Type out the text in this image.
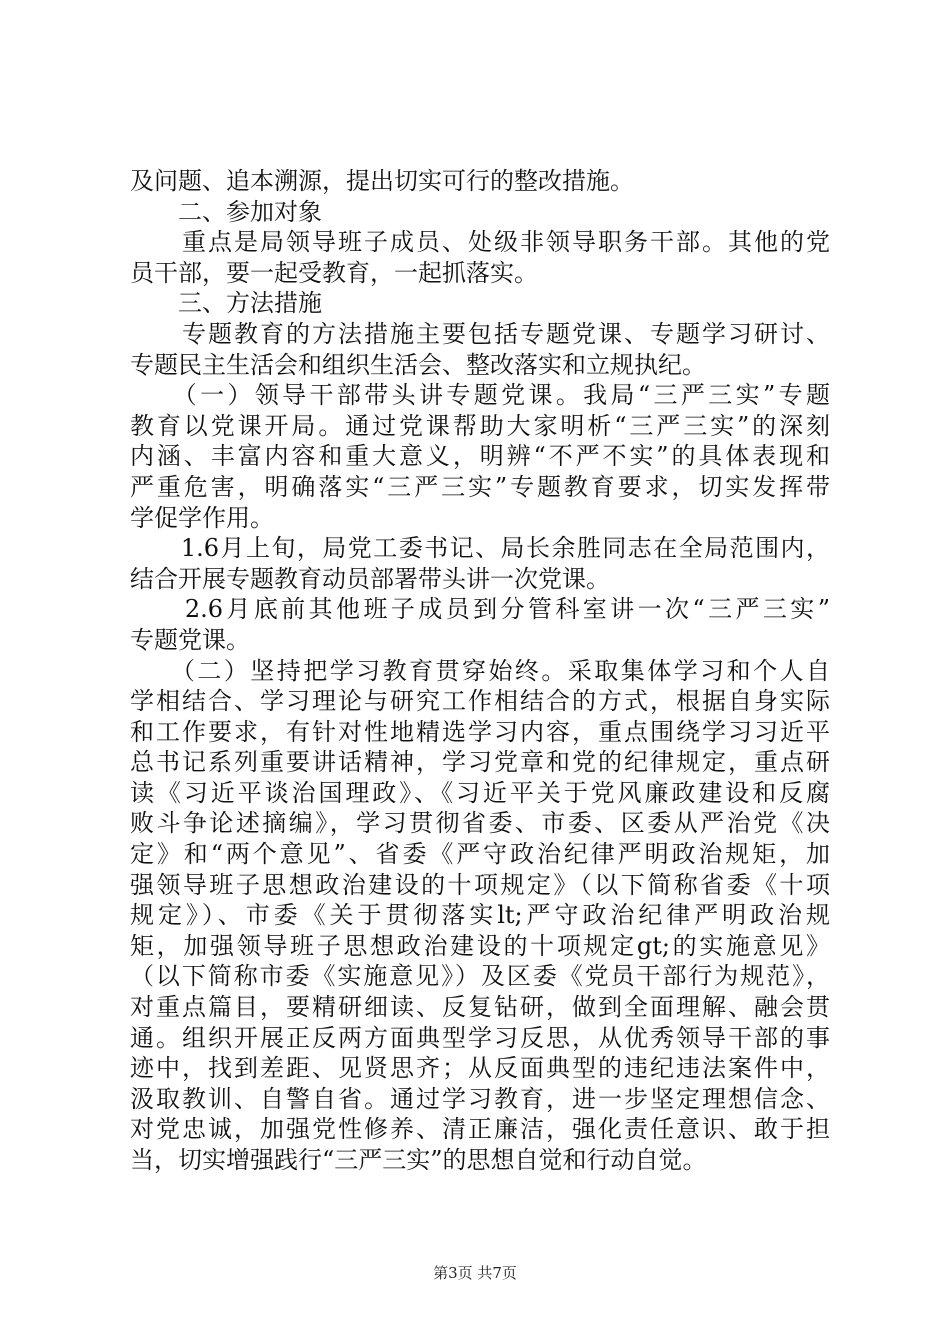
及问题、追本溯源，提出切实可行的整改措施。
　　二、参加对象
　　重点是局领导班子成员、处级非领导职务干部。其他的党
员干部，要一起受教育，一起抓落实。
　　三、方法措施
　　专题教育的方法措施主要包括专题党课、专题学习研讨、
专题民主生活会和组织生活会、整改落实和立规执纪。
　　（一）领导干部带头讲专题党课。我局“三严三实”专题
教育以党课开局。通过党课帮助大家明析“三严三实”的深刻
内涵、丰富内容和重大意义，明辨“不严不实”的具体表现和
严重危害，明确落实“三严三实”专题教育要求，切实发挥带
学促学作用。
　　1.6月上旬，局党工委书记、局长余胜同志在全局范围内，
结合开展专题教育动员部署带头讲一次党课。
　　2.6月底前其他班子成员到分管科室讲一次“三严三实”
专题党课。
　　（二）坚持把学习教育贯穿始终。采取集体学习和个人自
学相结合、学习理论与研究工作相结合的方式，根据自身实际
和工作要求，有针对性地精选学习内容，重点围绕学习习近平
总书记系列重要讲话精神，学习党章和党的纪律规定，重点研
读《习近平谈治国理政》、《习近平关于党风廉政建设和反腐
败斗争论述摘编》，学习贯彻省委、市委、区委从严治党《决
定》和“两个意见”、省委《严守政治纪律严明政治规矩，加
强领导班子思想政治建设的十项规定》（以下简称省委《十项
规定》）、市委《关于贯彻落实lt;严守政治纪律严明政治规
矩，加强领导班子思想政治建设的十项规定gt;的实施意见》
（以下简称市委《实施意见》）及区委《党员干部行为规范》，
对重点篇目，要精研细读、反复钻研，做到全面理解、融会贯
通。组织开展正反两方面典型学习反思，从优秀领导干部的事
迹中，找到差距、见贤思齐；从反面典型的违纪违法案件中，
汲取教训、自警自省。通过学习教育，进一步坚定理想信念、
对党忠诚，加强党性修养、清正廉洁，强化责任意识、敢于担
当，切实增强践行“三严三实”的思想自觉和行动自觉。
第3页 共7页
